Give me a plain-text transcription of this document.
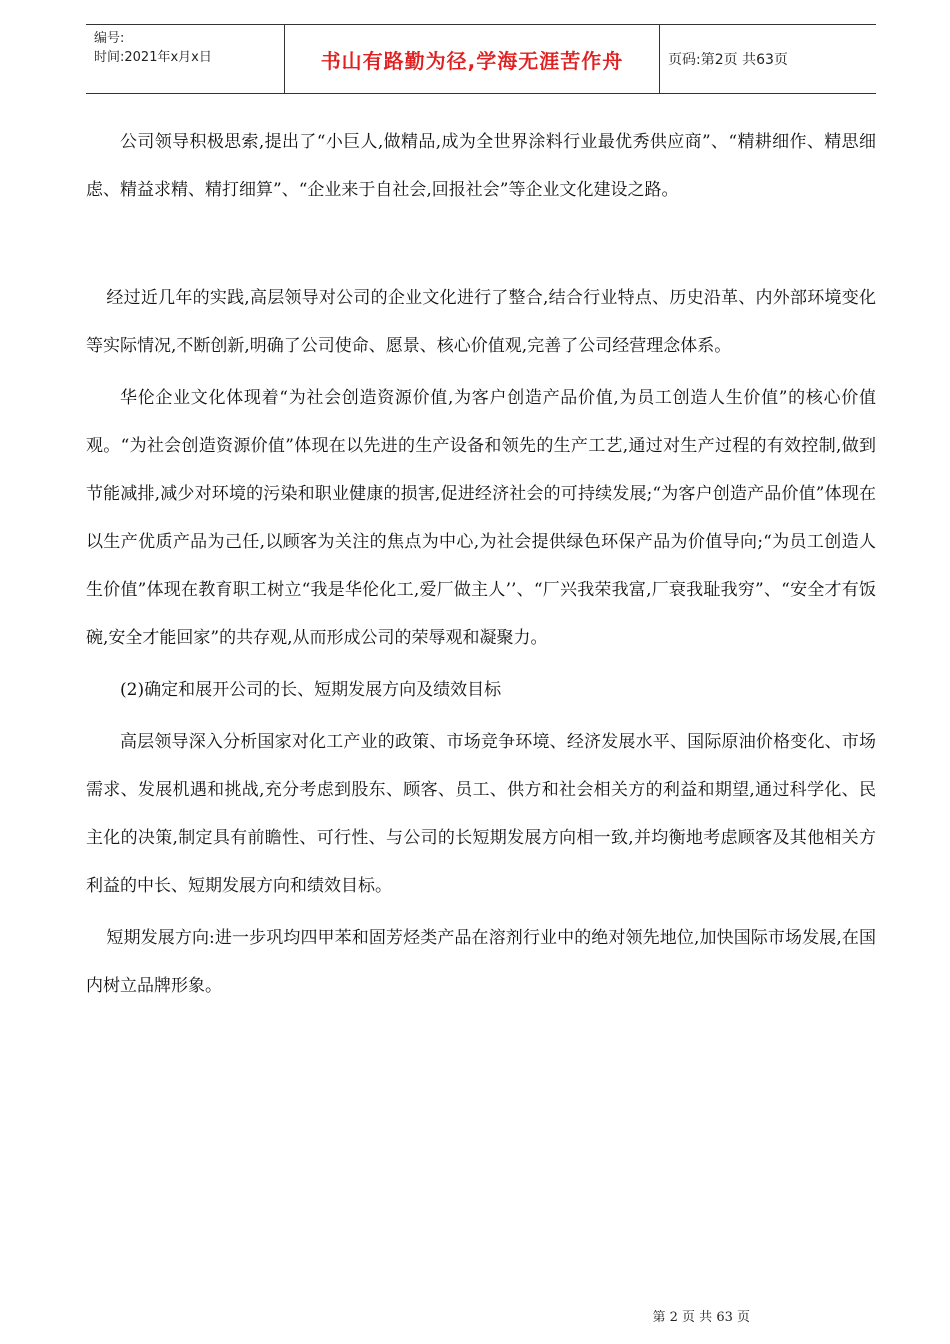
编号:
时间:2021年x月x日	书山有路勤为径,学海无涯苦作舟	页码:第2页 共63页

公司领导积极思索,提出了“小巨人,做精品,成为全世界涂料行业最优秀供应商”、“精耕细作、精思细虑、精益求精、精打细算”、“企业来于自社会,回报社会”等企业文化建设之路。

经过近几年的实践,高层领导对公司的企业文化进行了整合,结合行业特点、历史沿革、内外部环境变化等实际情况,不断创新,明确了公司使命、愿景、核心价值观,完善了公司经营理念体系。

华伦企业文化体现着“为社会创造资源价值,为客户创造产品价值,为员工创造人生价值”的核心价值观。“为社会创造资源价值”体现在以先进的生产设备和领先的生产工艺,通过对生产过程的有效控制,做到节能减排,减少对环境的污染和职业健康的损害,促进经济社会的可持续发展;“为客户创造产品价值”体现在以生产优质产品为己任,以顾客为关注的焦点为中心,为社会提供绿色环保产品为价值导向;“为员工创造人生价值”体现在教育职工树立“我是华伦化工,爱厂做主人’’、“厂兴我荣我富,厂衰我耻我穷”、“安全才有饭碗,安全才能回家”的共存观,从而形成公司的荣辱观和凝聚力。

(2)确定和展开公司的长、短期发展方向及绩效目标

高层领导深入分析国家对化工产业的政策、市场竞争环境、经济发展水平、国际原油价格变化、市场需求、发展机遇和挑战,充分考虑到股东、顾客、员工、供方和社会相关方的利益和期望,通过科学化、民主化的决策,制定具有前瞻性、可行性、与公司的长短期发展方向相一致,并均衡地考虑顾客及其他相关方利益的中长、短期发展方向和绩效目标。

短期发展方向:进一步巩均四甲苯和固芳烃类产品在溶剂行业中的绝对领先地位,加快国际市场发展,在国内树立品牌形象。

第 2 页 共 63 页
